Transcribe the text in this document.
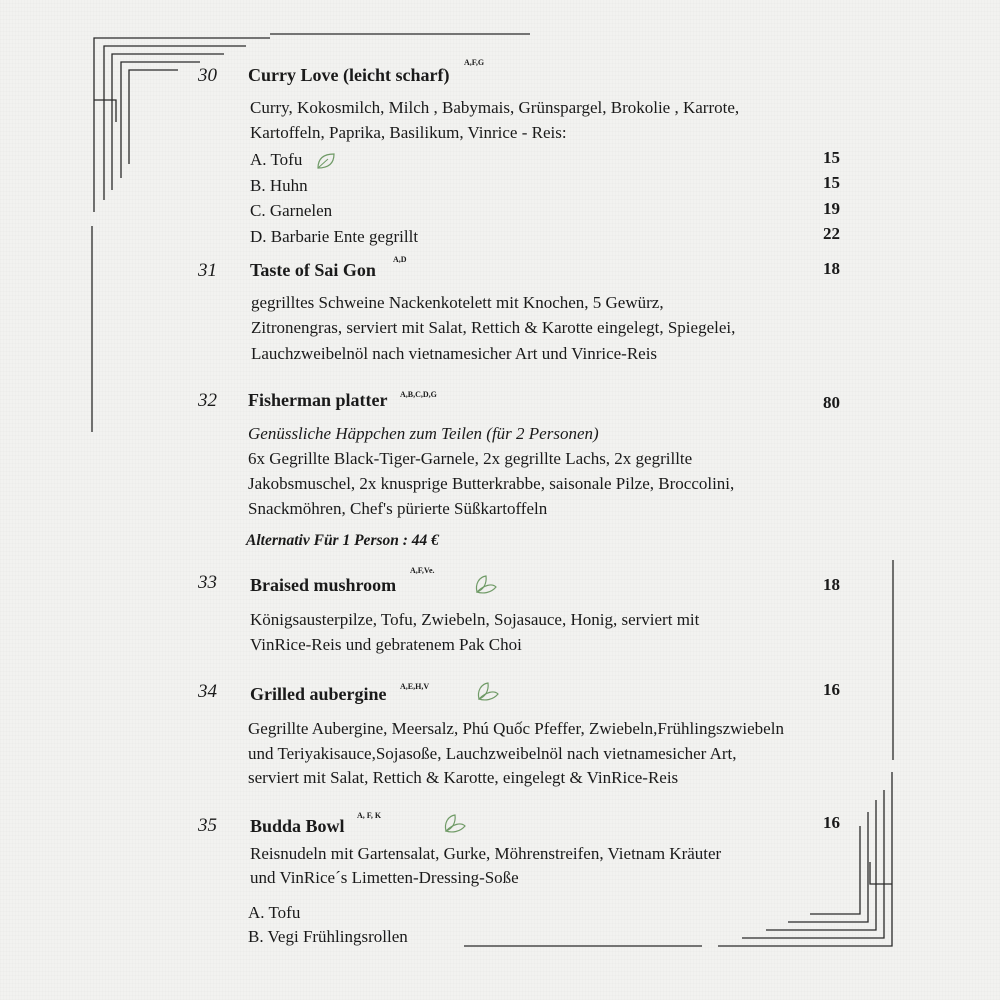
30 Curry Love (leicht scharf)
A,F,G
Curry, Kokosmilch, Milch , Babymais, Grünspargel, Brokolie , Karrote,
Kartoffeln, Paprika, Basilikum, Vinrice - Reis:
A. Tofu	15
B. Huhn	15
C. Garnelen	19
D. Barbarie Ente gegrillt	22
31 Taste of Sai Gon
A,D	18
gegrilltes Schweine Nackenkotelett mit Knochen, 5 Gewürz,
Zitronengras, serviert mit Salat, Rettich & Karotte eingelegt, Spiegelei,
Lauchzweibelnöl nach vietnamesicher Art und Vinrice-Reis
32 Fisherman platter A,B,C,D,G	80
Genüssliche Häppchen zum Teilen (für 2 Personen)
6x Gegrillte Black-Tiger-Garnele, 2x gegrillte Lachs, 2x gegrillte
Jakobsmuschel, 2x knusprige Butterkrabbe, saisonale Pilze, Broccolini,
Snackmöhren, Chef's pürierte Süßkartoffeln
Alternativ Für 1 Person : 44 €
33 Braised mushroom
A,F,Ve.
18
Königsausterpilze, Tofu, Zwiebeln, Sojasauce, Honig, serviert mit
VinRice-Reis und gebratenem Pak Choi
34 Grilled aubergine A,E,H,V	16
Gegrillte Aubergine, Meersalz, Phú Quốc Pfeffer, Zwiebeln,Frühlingszwiebeln
und Teriyakisauce,Sojasoße, Lauchzweibelnöl nach vietnamesicher Art,
serviert mit Salat, Rettich & Karotte, eingelegt & VinRice-Reis
35 Budda Bowl
A, F, K	16
Reisnudeln mit Gartensalat, Gurke, Möhrenstreifen, Vietnam Kräuter
und VinRice´s Limetten-Dressing-Soße
A. Tofu
B. Vegi Frühlingsrollen
